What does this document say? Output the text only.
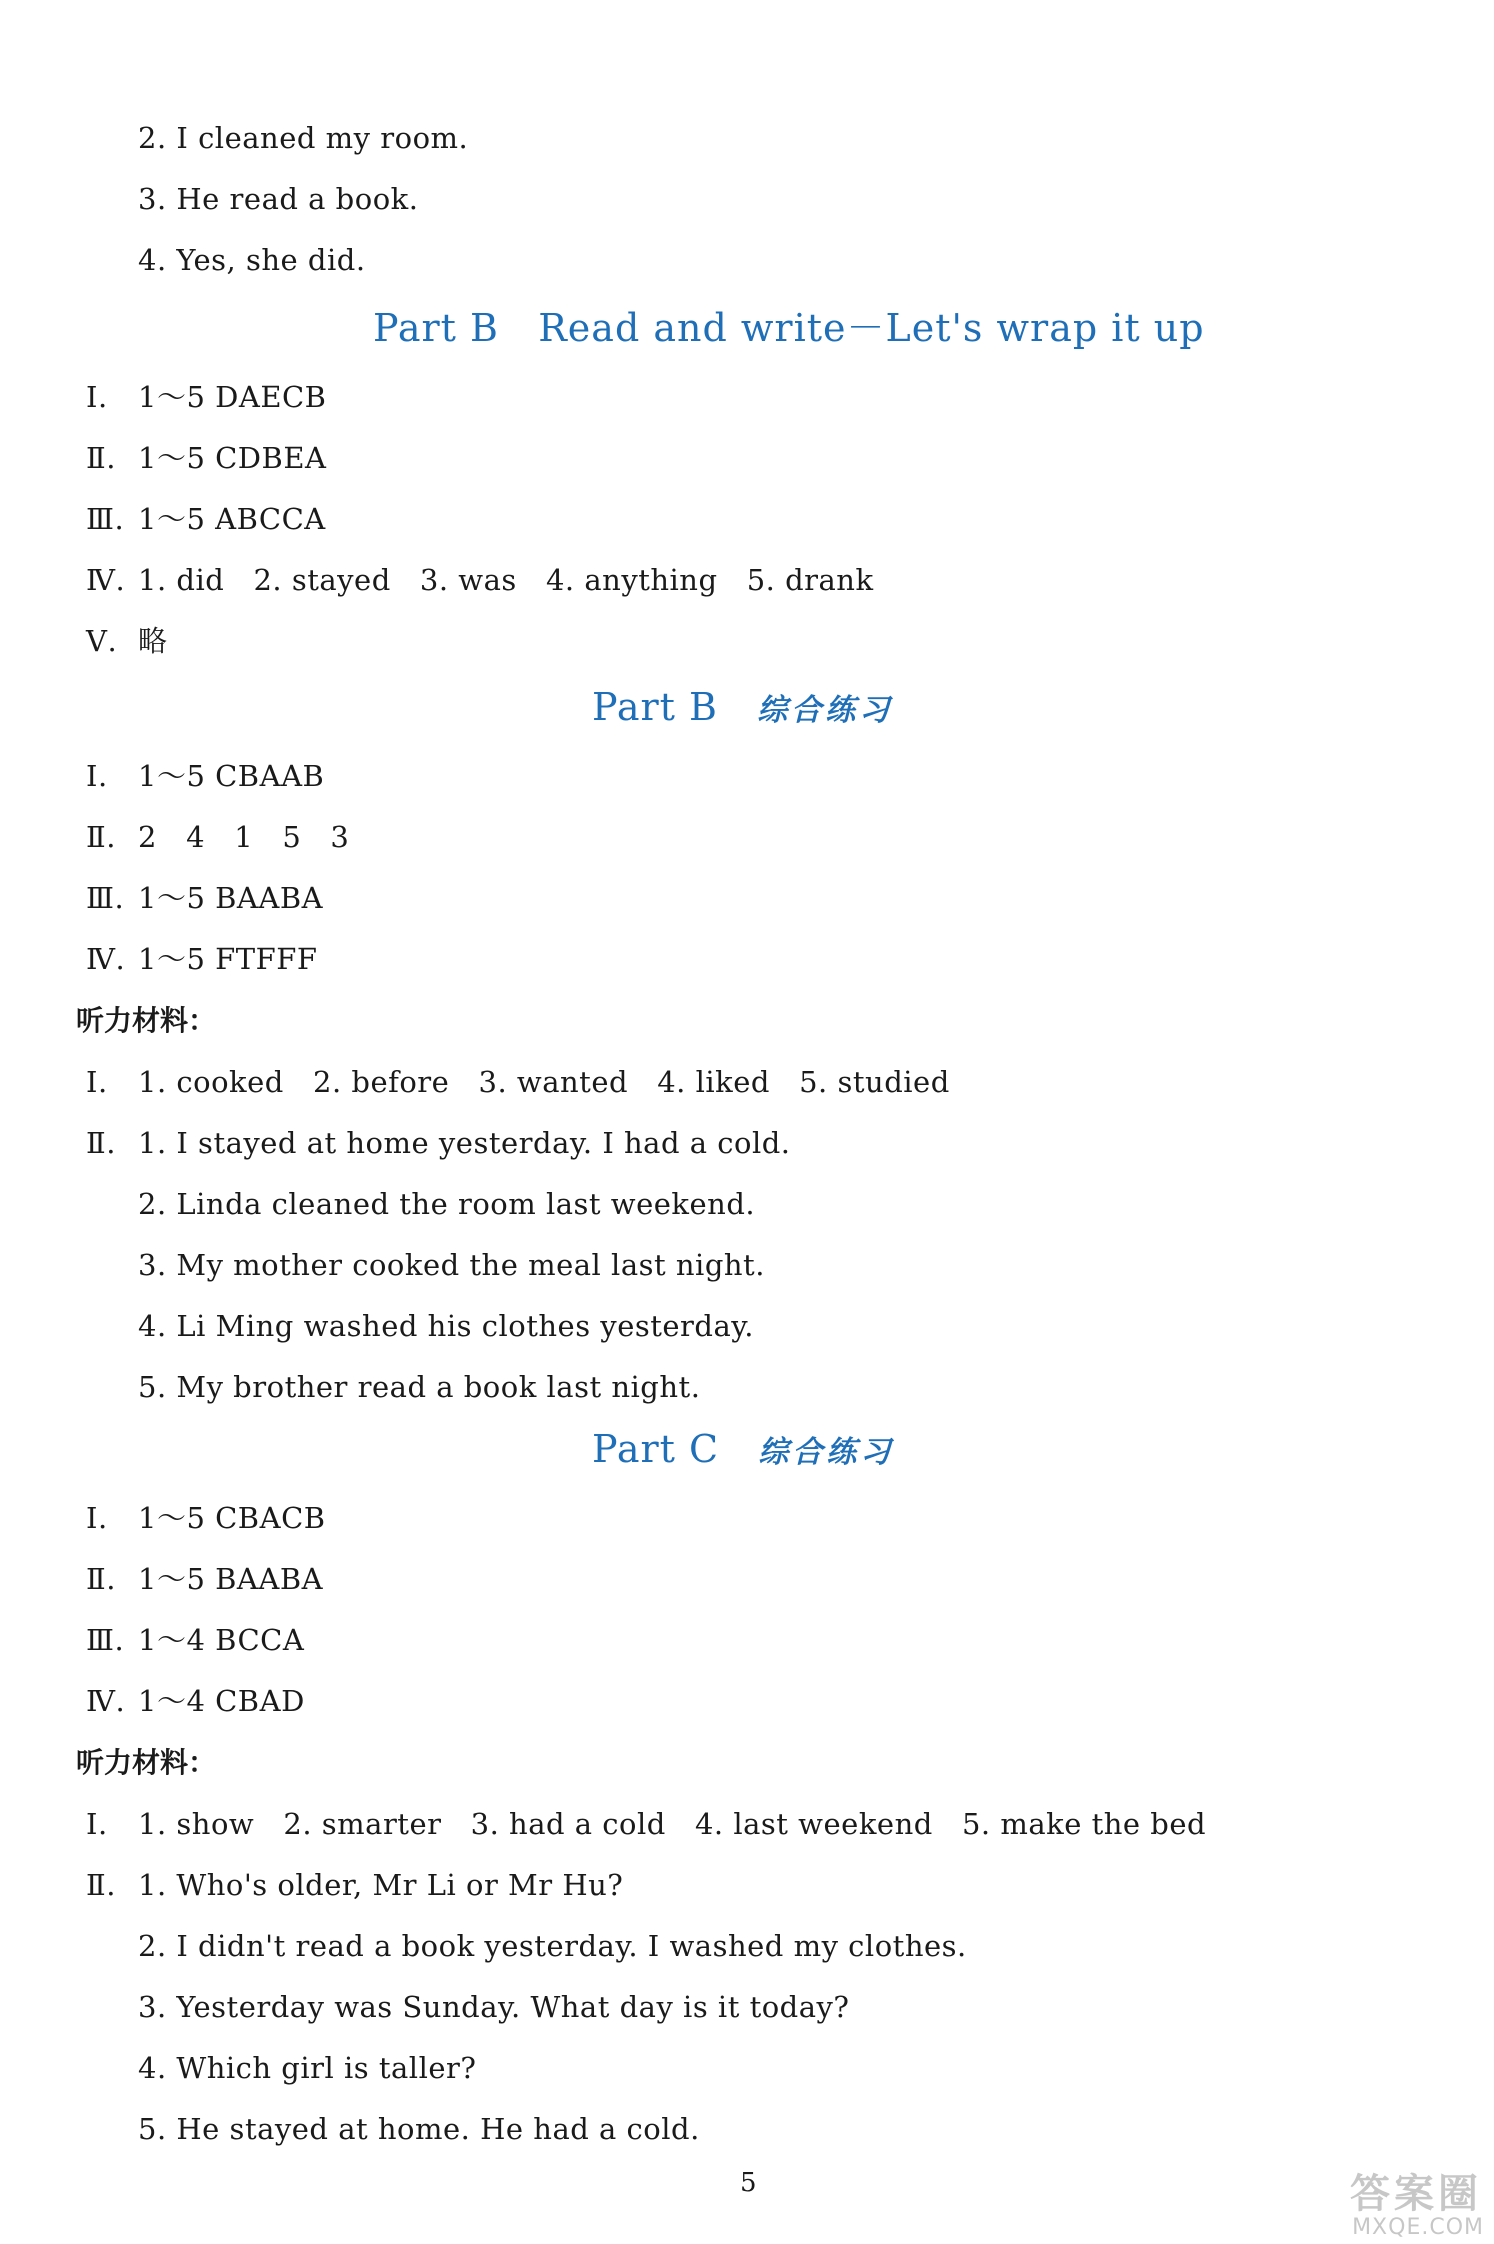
2. I cleaned my room.
3. He read a book.
4. Yes, she did.
Part B   Read and write－Let's wrap it up
Ⅰ. 1～5 DAECB
Ⅱ. 1～5 CDBEA
Ⅲ. 1～5 ABCCA
Ⅳ. 1. did   2. stayed   3. was   4. anything   5. drank
Ⅴ. 略
Part B 综合练习
Ⅰ. 1～5 CBAAB
Ⅱ. 2   4   1   5   3
Ⅲ. 1～5 BAABA
Ⅳ. 1～5 FTFFF
听力材料：
Ⅰ. 1. cooked   2. before   3. wanted   4. liked   5. studied
Ⅱ. 1. I stayed at home yesterday. I had a cold.
2. Linda cleaned the room last weekend.
3. My mother cooked the meal last night.
4. Li Ming washed his clothes yesterday.
5. My brother read a book last night.
Part C 综合练习
Ⅰ. 1～5 CBACB
Ⅱ. 1～5 BAABA
Ⅲ. 1～4 BCCA
Ⅳ. 1～4 CBAD
听力材料：
Ⅰ. 1. show   2. smarter   3. had a cold   4. last weekend   5. make the bed
Ⅱ. 1. Who's older, Mr Li or Mr Hu?
2. I didn't read a book yesterday. I washed my clothes.
3. Yesterday was Sunday. What day is it today?
4. Which girl is taller?
5. He stayed at home. He had a cold.
5	答案圈
MXQE.COM
